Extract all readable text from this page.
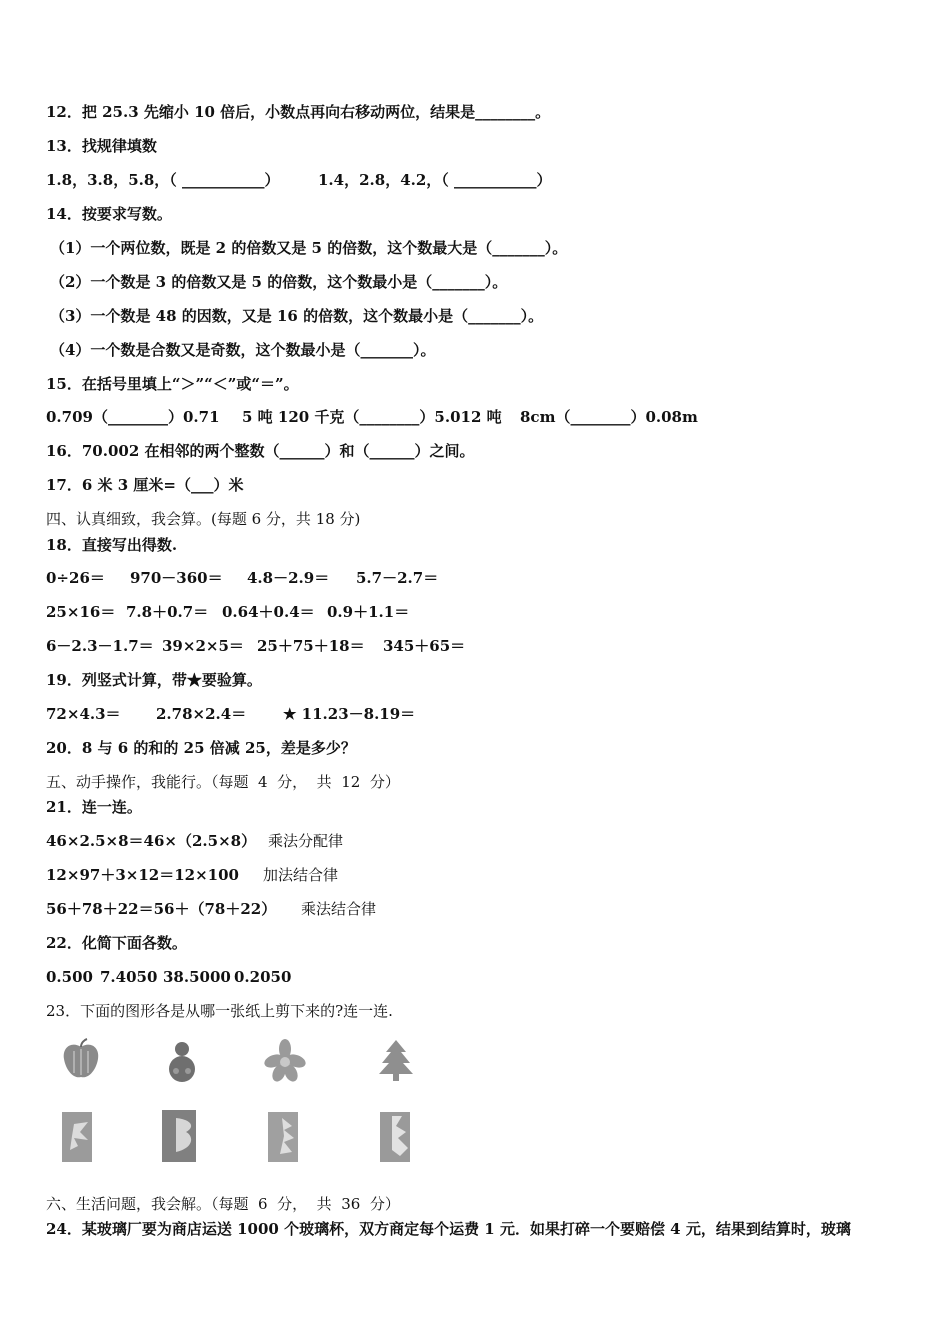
12．把 25.3 先缩小 10 倍后，小数点再向右移动两位，结果是________。
13．找规律填数
1.8，3.8，5.8，（ ___________）	1.4，2.8，4.2，（ ___________）
14．按要求写数。
（1）一个两位数，既是 2 的倍数又是 5 的倍数，这个数最大是（_______）。
（2）一个数是 3 的倍数又是 5 的倍数，这个数最小是（_______）。
（3）一个数是 48 的因数，又是 16 的倍数，这个数最小是（_______）。
（4）一个数是合数又是奇数，这个数最小是（_______）。
15．在括号里填上“＞”“＜”或“＝”。
0.709（________）0.71 5 吨 120 千克（________）5.012 吨 8cm（________）0.08m
16．70.002 在相邻的两个整数（______）和（______）之间。
17．6 米 3 厘米=（___）米
四、认真细致，我会算。(每题 6 分，共 18 分)
18．直接写出得数.
0÷26＝ 970－360＝ 4.8－2.9＝ 5.7－2.7＝
25×16＝ 7.8＋0.7＝ 0.64＋0.4＝ 0.9＋1.1＝
6－2.3－1.7＝ 39×2×5＝ 25＋75＋18＝ 345＋65＝
19．列竖式计算，带★要验算。
72×4.3＝ 2.78×2.4＝ ★ 11.23－8.19＝
20．8 与 6 的和的 25 倍减 25，差是多少？
五、动手操作，我能行。（每题  4  分，  共  12  分）
21．连一连。
46×2.5×8＝46×（2.5×8） 乘法分配律
12×97＋3×12＝12×100 加法结合律
56＋78＋22＝56＋（78＋22） 乘法结合律
22．化简下面各数。
0.500 7.4050 38.5000 0.2050
23．下面的图形各是从哪一张纸上剪下来的?连一连.
六、生活问题，我会解。（每题  6  分，  共  36  分）
24．某玻璃厂要为商店运送 1000 个玻璃杯，双方商定每个运费 1 元．如果打碎一个要赔偿 4 元，结果到结算时，玻璃
